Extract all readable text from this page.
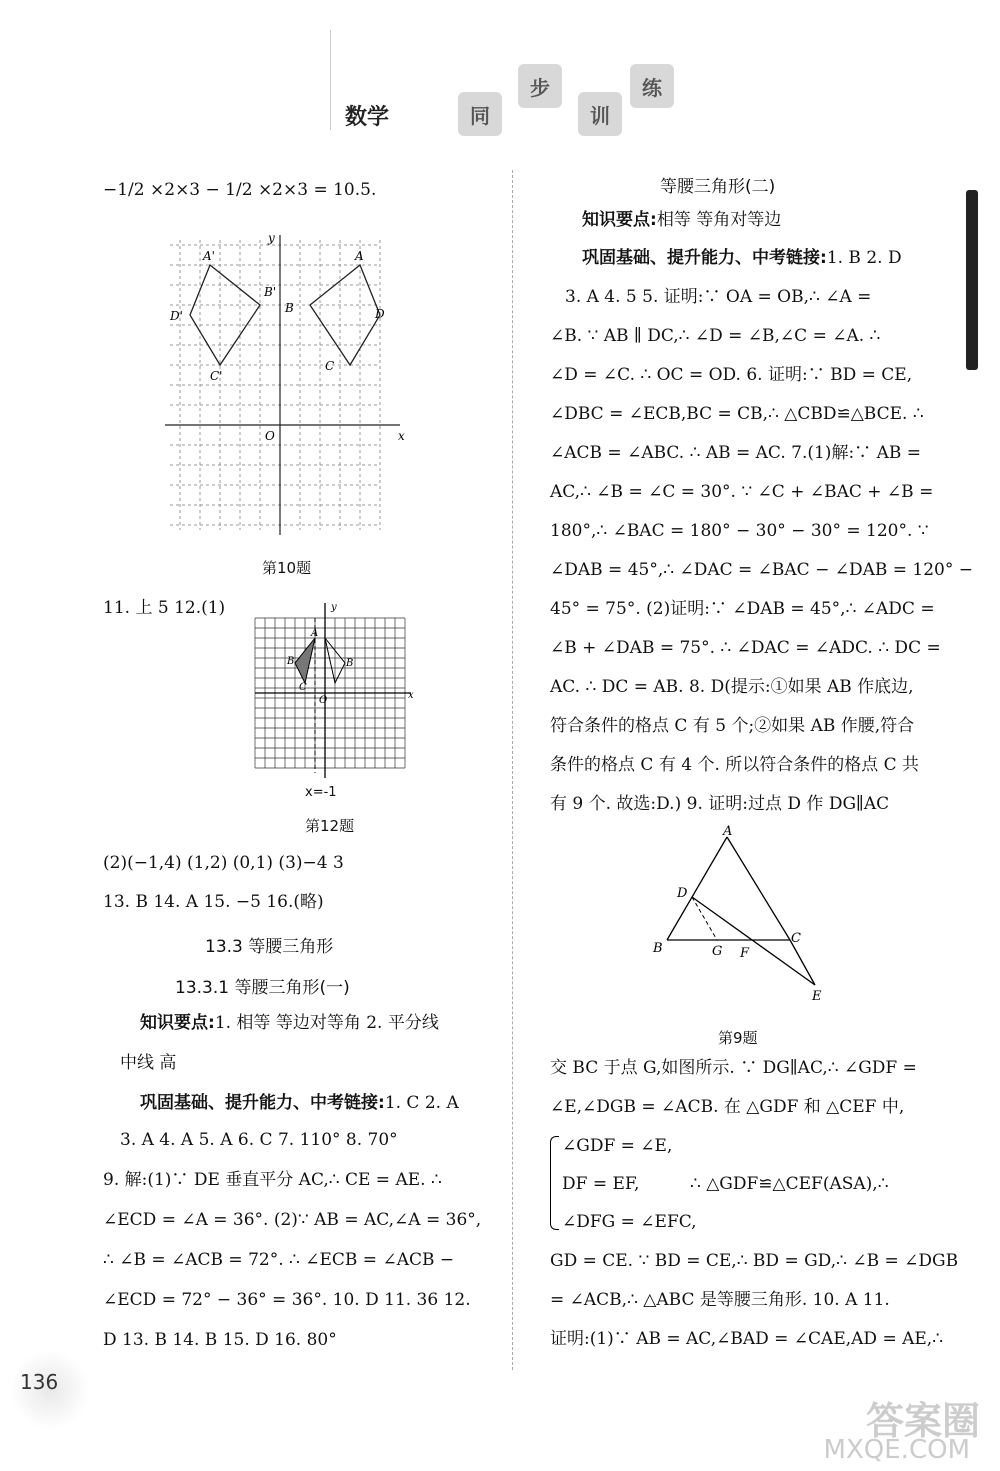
数学	同
步
训
练
−1/2 ×2×3 − 1/2 ×2×3 = 10.5.
A'
B'
C'
D'
A
B
C
D
O	x
y
第10题
11. 上 5 12.(1)	y
x
O
A
B	B
C
x=-1
第12题
(2)(−1,4) (1,2) (0,1) (3)−4 3
13. B 14. A 15. −5 16.(略)
13.3 等腰三角形
13.3.1 等腰三角形(一)
知识要点:1. 相等 等边对等角 2. 平分线
中线 高
巩固基础、提升能力、中考链接:1. C 2. A
3. A 4. A 5. A 6. C 7. 110° 8. 70°
9. 解:(1)∵ DE 垂直平分 AC,∴ CE = AE. ∴
∠ECD = ∠A = 36°. (2)∵ AB = AC,∠A = 36°,
∴ ∠B = ∠ACB = 72°. ∴ ∠ECB = ∠ACB −
∠ECD = 72° − 36° = 36°. 10. D 11. 36 12.
D 13. B 14. B 15. D 16. 80°
等腰三角形(二)
知识要点:相等 等角对等边
巩固基础、提升能力、中考链接:1. B 2. D
3. A 4. 5 5. 证明:∵ OA = OB,∴ ∠A =
∠B. ∵ AB ∥ DC,∴ ∠D = ∠B,∠C = ∠A. ∴
∠D = ∠C. ∴ OC = OD. 6. 证明:∵ BD = CE,
∠DBC = ∠ECB,BC = CB,∴ △CBD≌△BCE. ∴
∠ACB = ∠ABC. ∴ AB = AC. 7.(1)解:∵ AB =
AC,∴ ∠B = ∠C = 30°. ∵ ∠C + ∠BAC + ∠B =
180°,∴ ∠BAC = 180° − 30° − 30° = 120°. ∵
∠DAB = 45°,∴ ∠DAC = ∠BAC − ∠DAB = 120° −
45° = 75°. (2)证明:∵ ∠DAB = 45°,∴ ∠ADC =
∠B + ∠DAB = 75°. ∴ ∠DAC = ∠ADC. ∴ DC =
AC. ∴ DC = AB. 8. D(提示:①如果 AB 作底边,
符合条件的格点 C 有 5 个;②如果 AB 作腰,符合
条件的格点 C 有 4 个. 所以符合条件的格点 C 共
有 9 个. 故选:D.) 9. 证明:过点 D 作 DG∥AC
A
B
C
D
E
F
G
第9题
交 BC 于点 G,如图所示. ∵ DG∥AC,∴ ∠GDF =
∠E,∠DGB = ∠ACB. 在 △GDF 和 △CEF 中,
∠GDF = ∠E,
DF = EF,	∴ △GDF≌△CEF(ASA),∴
∠DFG = ∠EFC,
GD = CE. ∵ BD = CE,∴ BD = GD,∴ ∠B = ∠DGB
= ∠ACB,∴ △ABC 是等腰三角形. 10. A 11.
证明:(1)∵ AB = AC,∠BAD = ∠CAE,AD = AE,∴
136
答案圈
MXQE.COM
